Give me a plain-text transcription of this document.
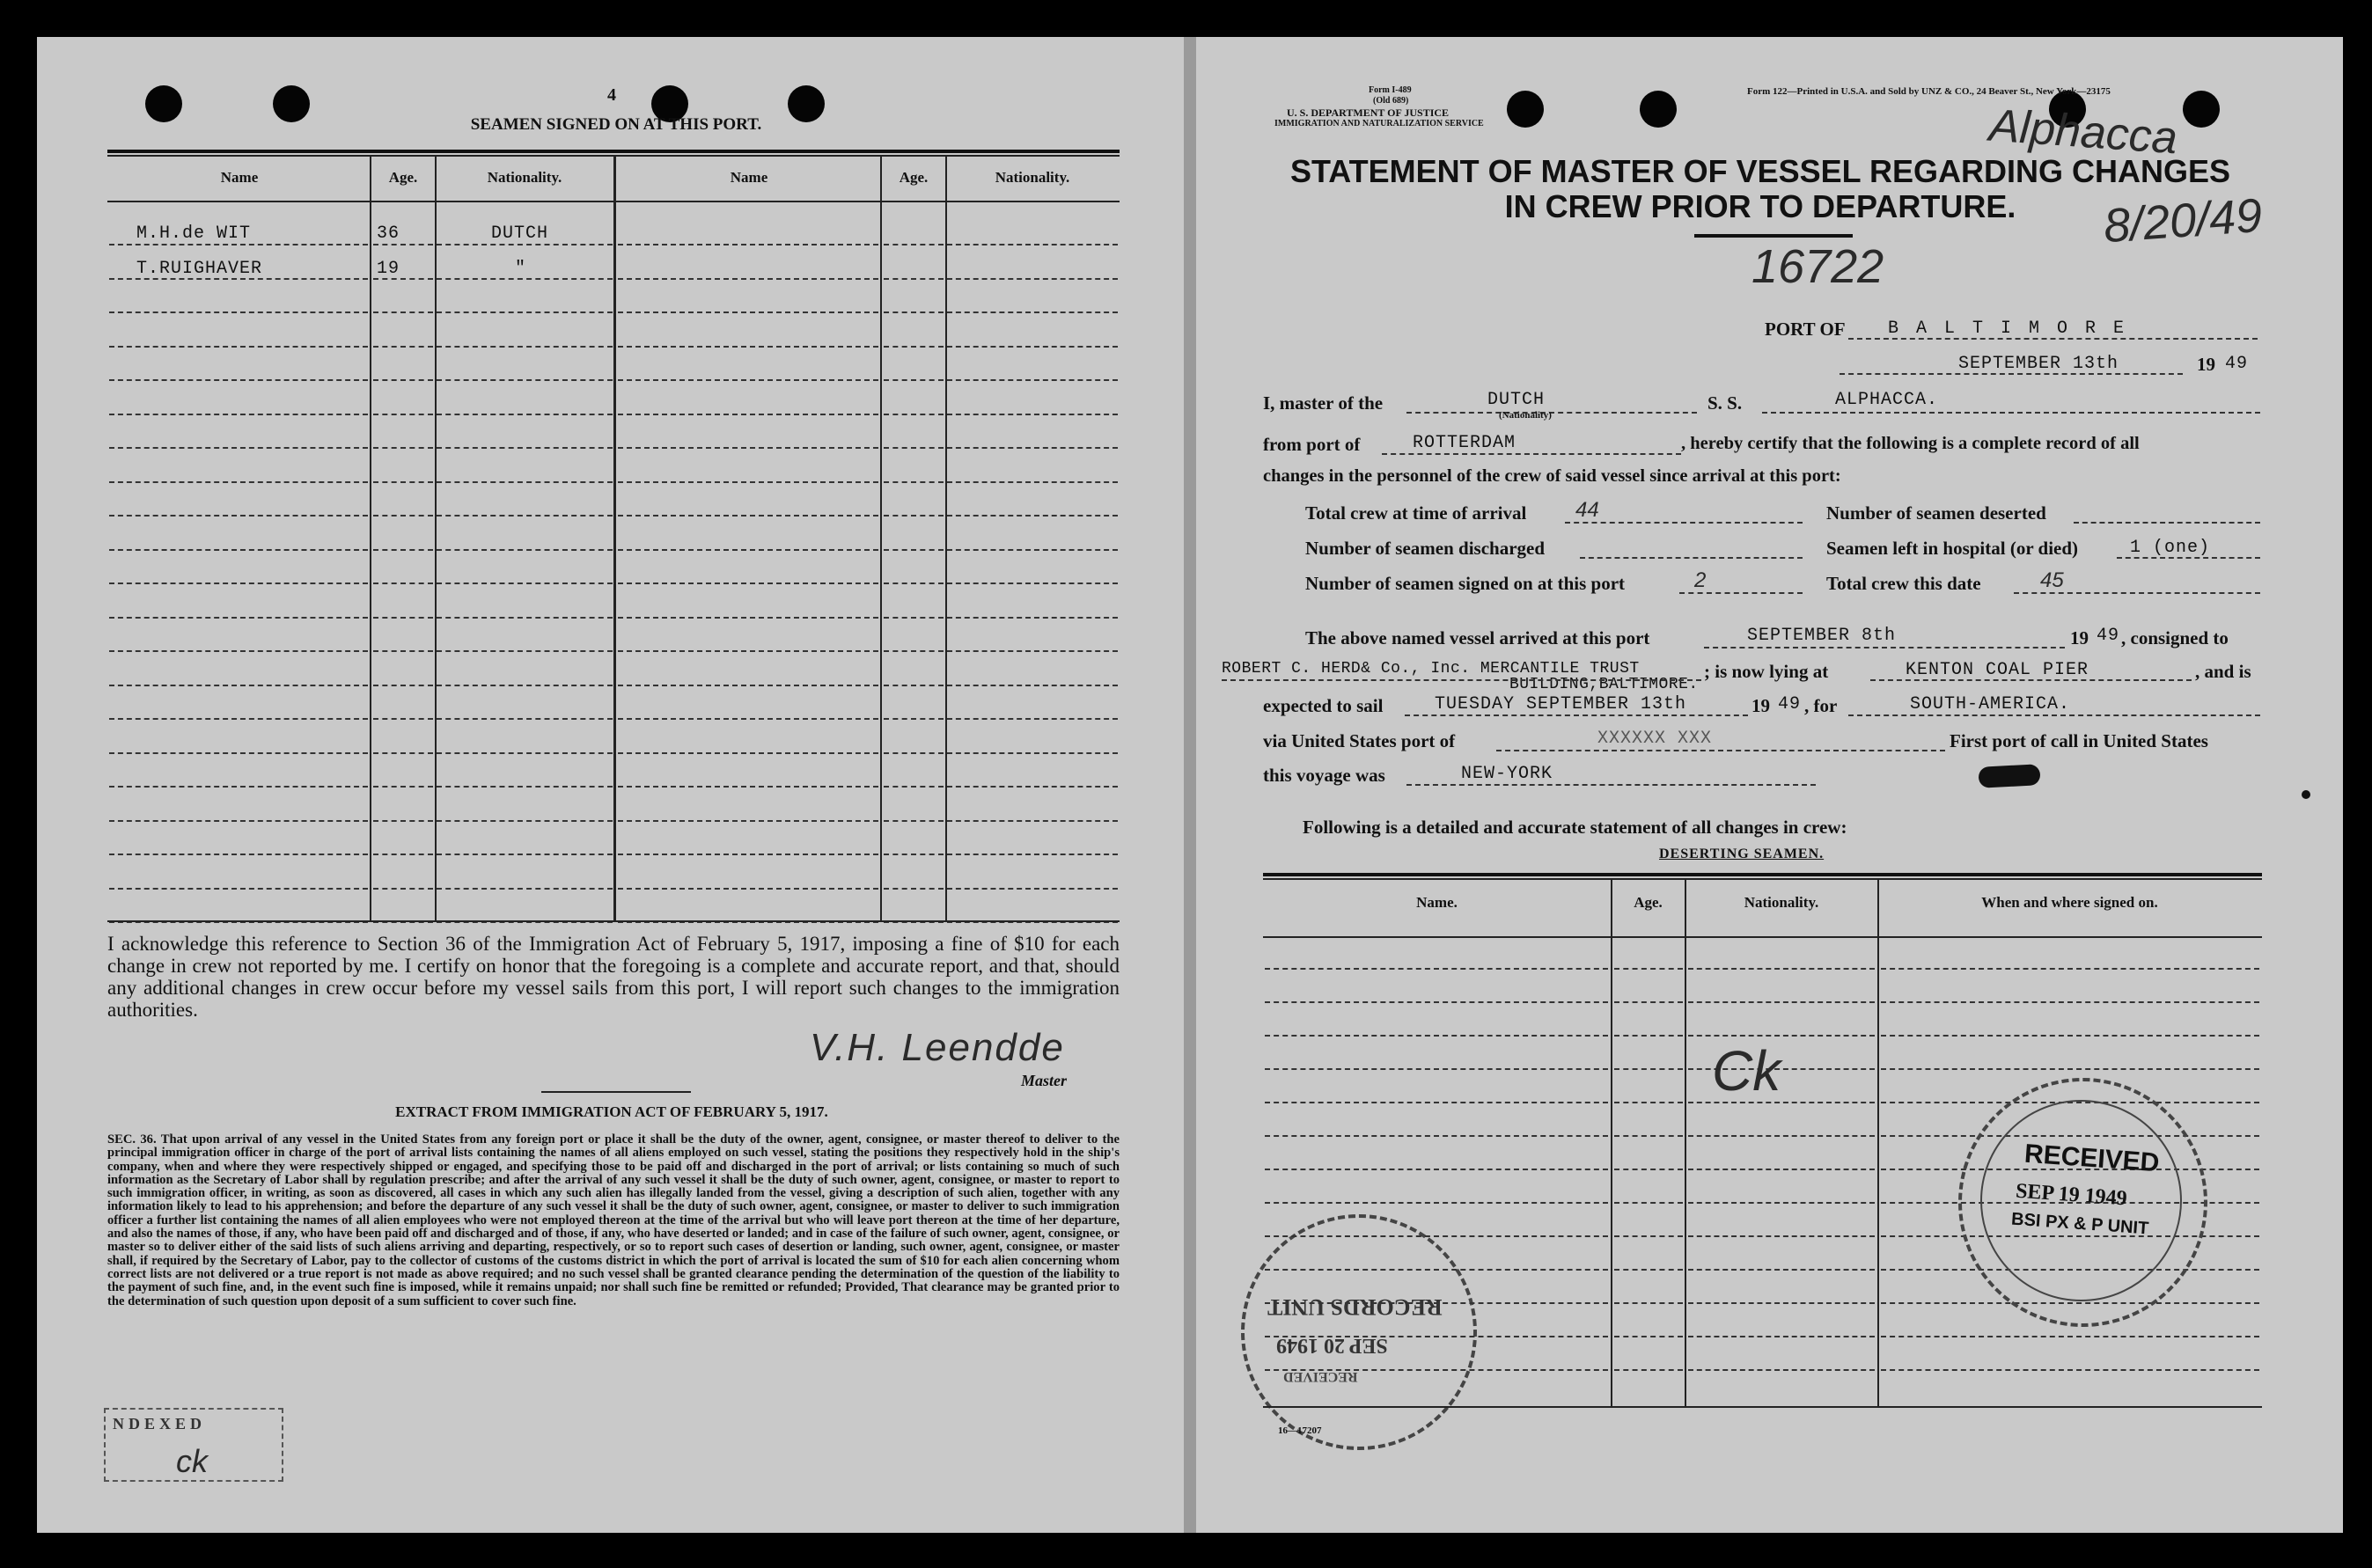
4
SEAMEN SIGNED ON AT THIS PORT.
Name	Age.	Nationality.	Name	Age.	Nationality.
M.H.de WIT	36	DUTCH
T.RUIGHAVER	19	"
I acknowledge this reference to Section 36 of the Immigration Act of February 5, 1917, imposing a fine of $10 for each change in crew not reported by me. I certify on honor that the foregoing is a complete and accurate report, and that, should any additional changes in crew occur before my vessel sails from this port, I will report such changes to the immigration authorities.
V.H. Leendde
Master
EXTRACT FROM IMMIGRATION ACT OF FEBRUARY 5, 1917.
SEC. 36. That upon arrival of any vessel in the United States from any foreign port or place it shall be the duty of the owner, agent, consignee, or master thereof to deliver to the principal immigration officer in charge of the port of arrival lists containing the names of all aliens employed on such vessel, stating the positions they respectively hold in the ship's company, when and where they were respectively shipped or engaged, and specifying those to be paid off and discharged in the port of arrival; or lists containing so much of such information as the Secretary of Labor shall by regulation prescribe; and after the arrival of any such vessel it shall be the duty of such owner, agent, consignee, or master to report to such immigration officer, in writing, as soon as discovered, all cases in which any such alien has illegally landed from the vessel, giving a description of such alien, together with any information likely to lead to his apprehension; and before the departure of any such vessel it shall be the duty of such owner, agent, consignee, or master to deliver to such immigration officer a further list containing the names of all alien employees who were not employed thereon at the time of the arrival but who will leave port thereon at the time of her departure, and also the names of those, if any, who have been paid off and discharged and of those, if any, who have deserted or landed; and in case of the failure of such owner, agent, consignee, or master so to deliver either of the said lists of such aliens arriving and departing, respectively, or so to report such cases of desertion or landing, such owner, agent, consignee, or master shall, if required by the Secretary of Labor, pay to the collector of customs of the customs district in which the port of arrival is located the sum of $10 for each alien concerning whom correct lists are not delivered or a true report is not made as above required; and no such vessel shall be granted clearance pending the determination of the question of the liability to the payment of such fine, and, in the event such fine is imposed, while it remains unpaid; nor shall such fine be remitted or refunded; Provided, That clearance may be granted prior to the determination of such question upon deposit of a sum sufficient to cover such fine.
NDEXED
ck
RECORDS UNIT
SEP 20 1949
RECEIVED
Form I-489
(Old 689)
U. S. DEPARTMENT OF JUSTICE
IMMIGRATION AND NATURALIZATION SERVICE
Form 122—Printed in U.S.A. and Sold by UNZ & CO., 24 Beaver St., New York—23175
Alphacca
8/20/49
STATEMENT OF MASTER OF VESSEL REGARDING CHANGES
IN CREW PRIOR TO DEPARTURE.
16722
PORT OF B A L T I M O R E
SEPTEMBER 13th	19 49
I, master of the	DUTCH
(Nationality)
S. S.	ALPHACCA.
from port of	ROTTERDAM	, hereby certify that the following is a complete record of all
changes in the personnel of the crew of said vessel since arrival at this port:
Total crew at time of arrival 44	Number of seamen deserted
Number of seamen discharged	Seamen left in hospital (or died)	1 (one)
Number of seamen signed on at this port	2	Total crew this date	45
The above named vessel arrived at this port	SEPTEMBER 8th	19 49 , consigned to
ROBERT C. HERD& Co., Inc. MERCANTILE TRUST
BUILDING,BALTIMORE.
; is now lying at	KENTON COAL PIER	, and is
expected to sail	TUESDAY SEPTEMBER 13th	19 49 , for	SOUTH-AMERICA.
via United States port of	XXXXXX XXX	First port of call in United States
this voyage was	NEW-YORK
Following is a detailed and accurate statement of all changes in crew:
DESERTING SEAMEN.
Name.	Age.	Nationality.	When and where signed on.
Ck
RECEIVED
SEP 19 1949
BSI PX & P UNIT
16—17207
